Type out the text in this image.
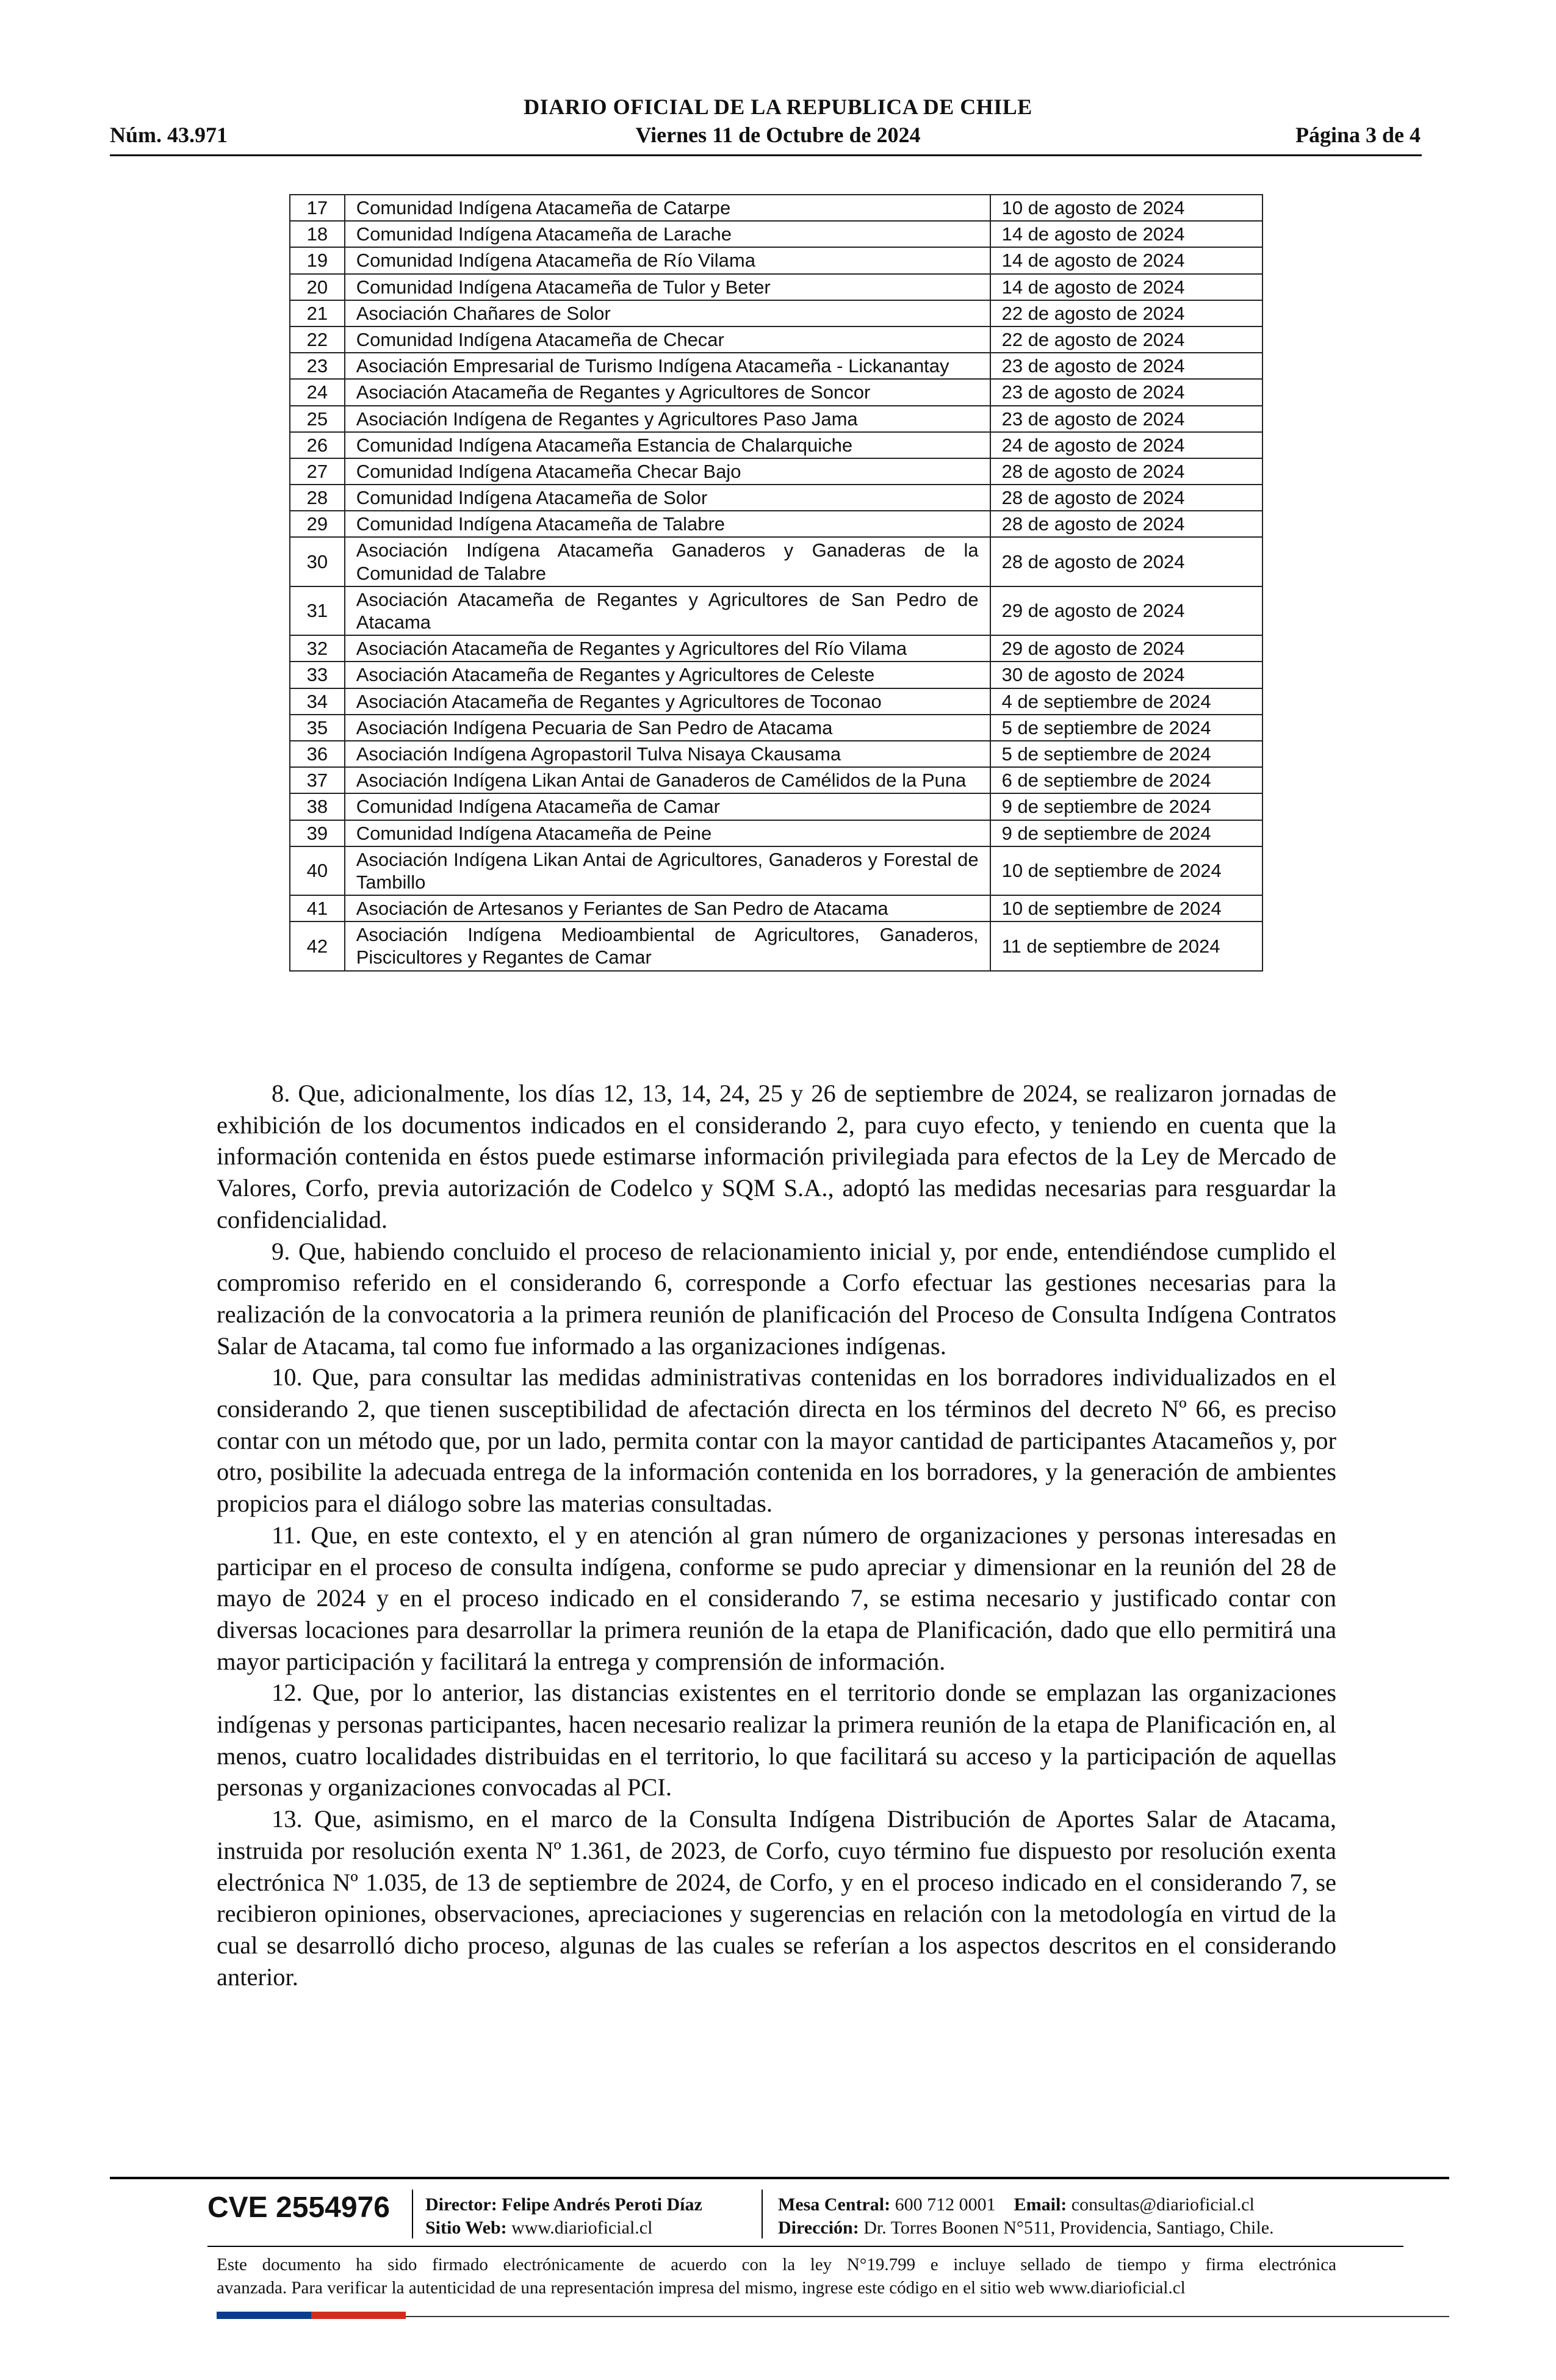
DIARIO OFICIAL DE LA REPUBLICA DE CHILE
Núm. 43.971	Viernes 11 de Octubre de 2024	Página 3 de 4
17	Comunidad Indígena Atacameña de Catarpe	10 de agosto de 2024
18	Comunidad Indígena Atacameña de Larache	14 de agosto de 2024
19	Comunidad Indígena Atacameña de Río Vilama	14 de agosto de 2024
20	Comunidad Indígena Atacameña de Tulor y Beter	14 de agosto de 2024
21	Asociación Chañares de Solor	22 de agosto de 2024
22	Comunidad Indígena Atacameña de Checar	22 de agosto de 2024
23	Asociación Empresarial de Turismo Indígena Atacameña - Lickanantay	23 de agosto de 2024
24	Asociación Atacameña de Regantes y Agricultores de Soncor	23 de agosto de 2024
25	Asociación Indígena de Regantes y Agricultores Paso Jama	23 de agosto de 2024
26	Comunidad Indígena Atacameña Estancia de Chalarquiche	24 de agosto de 2024
27	Comunidad Indígena Atacameña Checar Bajo	28 de agosto de 2024
28	Comunidad Indígena Atacameña de Solor	28 de agosto de 2024
29	Comunidad Indígena Atacameña de Talabre	28 de agosto de 2024
30	Asociación Indígena Atacameña Ganaderos y Ganaderas de la Comunidad de Talabre	28 de agosto de 2024
31	Asociación Atacameña de Regantes y Agricultores de San Pedro de Atacama	29 de agosto de 2024
32	Asociación Atacameña de Regantes y Agricultores del Río Vilama	29 de agosto de 2024
33	Asociación Atacameña de Regantes y Agricultores de Celeste	30 de agosto de 2024
34	Asociación Atacameña de Regantes y Agricultores de Toconao	4 de septiembre de 2024
35	Asociación Indígena Pecuaria de San Pedro de Atacama	5 de septiembre de 2024
36	Asociación Indígena Agropastoril Tulva Nisaya Ckausama	5 de septiembre de 2024
37	Asociación Indígena Likan Antai de Ganaderos de Camélidos de la Puna	6 de septiembre de 2024
38	Comunidad Indígena Atacameña de Camar	9 de septiembre de 2024
39	Comunidad Indígena Atacameña de Peine	9 de septiembre de 2024
40	Asociación Indígena Likan Antai de Agricultores, Ganaderos y Forestal de Tambillo	10 de septiembre de 2024
41	Asociación de Artesanos y Feriantes de San Pedro de Atacama	10 de septiembre de 2024
42	Asociación Indígena Medioambiental de Agricultores, Ganaderos, Piscicultores y Regantes de Camar	11 de septiembre de 2024

8. Que, adicionalmente, los días 12, 13, 14, 24, 25 y 26 de septiembre de 2024, se realizaron jornadas de exhibición de los documentos indicados en el considerando 2, para cuyo efecto, y teniendo en cuenta que la información contenida en éstos puede estimarse información privilegiada para efectos de la Ley de Mercado de Valores, Corfo, previa autorización de Codelco y SQM S.A., adoptó las medidas necesarias para resguardar la confidencialidad.

9. Que, habiendo concluido el proceso de relacionamiento inicial y, por ende, entendiéndose cumplido el compromiso referido en el considerando 6, corresponde a Corfo efectuar las gestiones necesarias para la realización de la convocatoria a la primera reunión de planificación del Proceso de Consulta Indígena Contratos Salar de Atacama, tal como fue informado a las organizaciones indígenas.

10. Que, para consultar las medidas administrativas contenidas en los borradores individualizados en el considerando 2, que tienen susceptibilidad de afectación directa en los términos del decreto Nº 66, es preciso contar con un método que, por un lado, permita contar con la mayor cantidad de participantes Atacameños y, por otro, posibilite la adecuada entrega de la información contenida en los borradores, y la generación de ambientes propicios para el diálogo sobre las materias consultadas.

11. Que, en este contexto, el y en atención al gran número de organizaciones y personas interesadas en participar en el proceso de consulta indígena, conforme se pudo apreciar y dimensionar en la reunión del 28 de mayo de 2024 y en el proceso indicado en el considerando 7, se estima necesario y justificado contar con diversas locaciones para desarrollar la primera reunión de la etapa de Planificación, dado que ello permitirá una mayor participación y facilitará la entrega y comprensión de información.

12. Que, por lo anterior, las distancias existentes en el territorio donde se emplazan las organizaciones indígenas y personas participantes, hacen necesario realizar la primera reunión de la etapa de Planificación en, al menos, cuatro localidades distribuidas en el territorio, lo que facilitará su acceso y la participación de aquellas personas y organizaciones convocadas al PCI.

13. Que, asimismo, en el marco de la Consulta Indígena Distribución de Aportes Salar de Atacama, instruida por resolución exenta Nº 1.361, de 2023, de Corfo, cuyo término fue dispuesto por resolución exenta electrónica Nº 1.035, de 13 de septiembre de 2024, de Corfo, y en el proceso indicado en el considerando 7, se recibieron opiniones, observaciones, apreciaciones y sugerencias en relación con la metodología en virtud de la cual se desarrolló dicho proceso, algunas de las cuales se referían a los aspectos descritos en el considerando anterior.

CVE 2554976 Director: Felipe Andrés Peroti Díaz
Sitio Web: www.diarioficial.cl
Mesa Central: 600 712 0001 Email: consultas@diarioficial.cl
Dirección: Dr. Torres Boonen N°511, Providencia, Santiago, Chile.
Este documento ha sido firmado electrónicamente de acuerdo con la ley N°19.799 e incluye sellado de tiempo y firma electrónica
avanzada. Para verificar la autenticidad de una representación impresa del mismo, ingrese este código en el sitio web www.diarioficial.cl
